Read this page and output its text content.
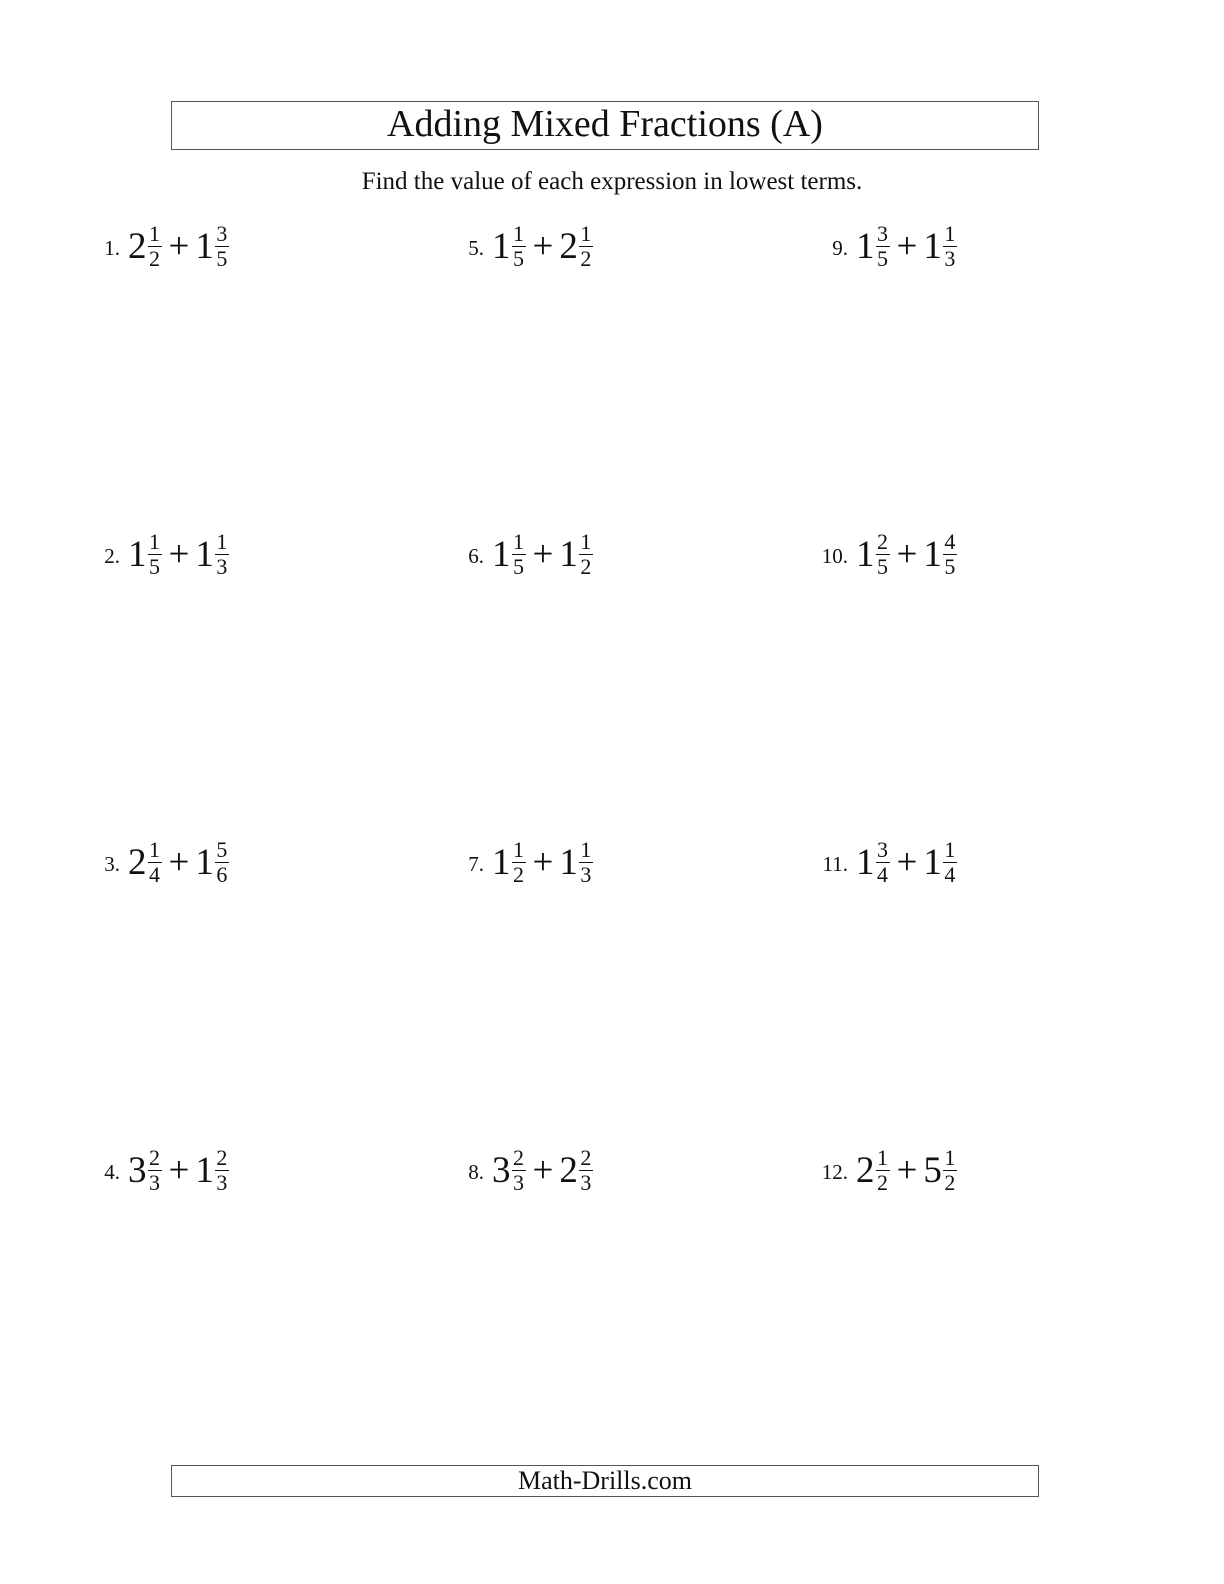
Adding Mixed Fractions (A)
Find the value of each expression in lowest terms.
1. $2 \frac{1}{2} + 1 \frac{3}{5}$
2. $1 \frac{1}{5} + 1 \frac{1}{3}$
3. $2 \frac{1}{4} + 1 \frac{5}{6}$
4. $3 \frac{2}{3} + 1 \frac{2}{3}$
5. $1 \frac{1}{5} + 2 \frac{1}{2}$
6. $1 \frac{1}{5} + 1 \frac{1}{2}$
7. $1 \frac{1}{2} + 1 \frac{1}{3}$
8. $3 \frac{2}{3} + 2 \frac{2}{3}$
9. $1 \frac{3}{5} + 1 \frac{1}{3}$
10. $1 \frac{2}{5} + 1 \frac{4}{5}$
11. $1 \frac{3}{4} + 1 \frac{1}{4}$
12. $2 \frac{1}{2} + 5 \frac{1}{2}$
Math-Drills.com
